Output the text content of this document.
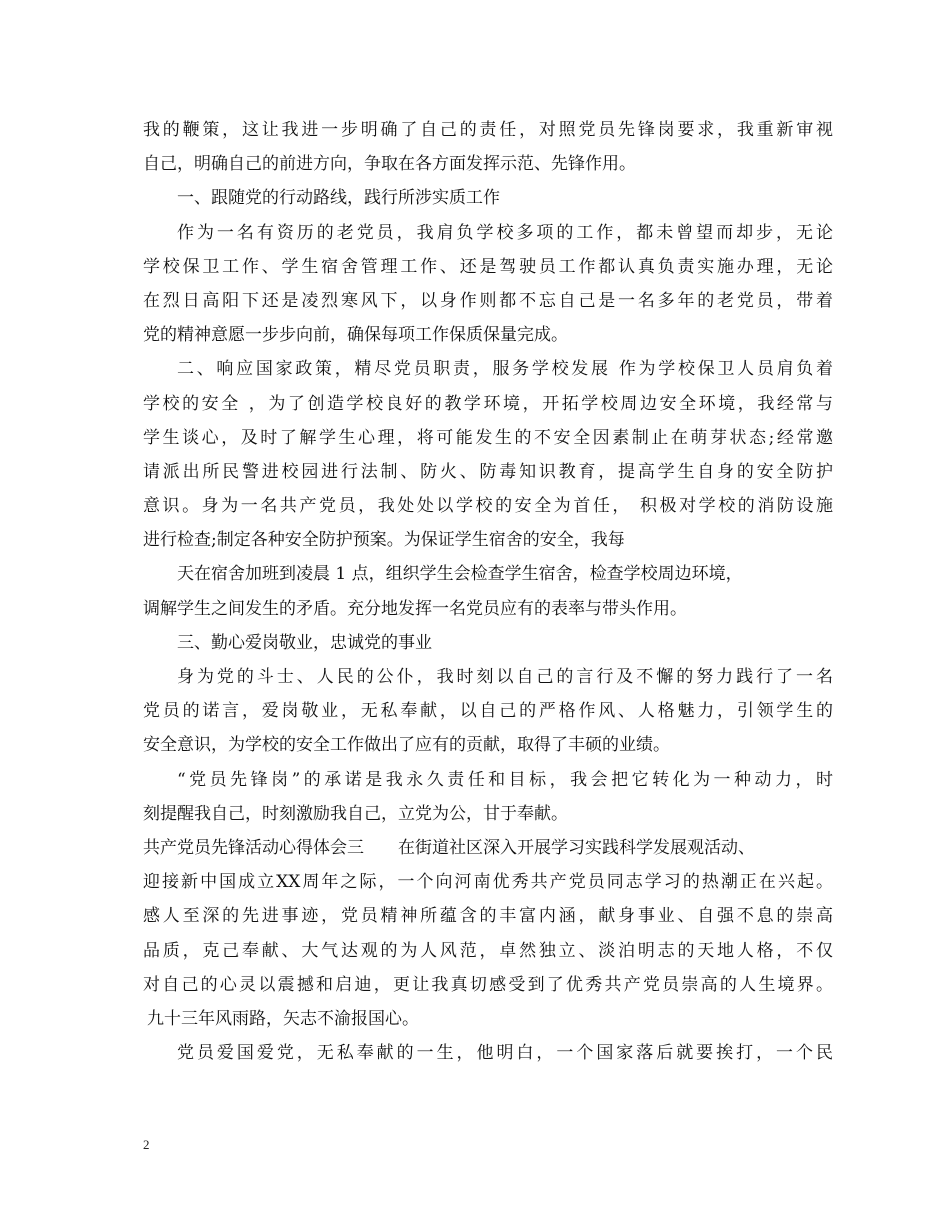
我的鞭策，这让我进一步明确了自己的责任，对照党员先锋岗要求，我重新审视
自己，明确自己的前进方向，争取在各方面发挥示范、先锋作用。
一、跟随党的行动路线，践行所涉实质工作
作为一名有资历的老党员，我肩负学校多项的工作，都未曾望而却步，无论
学校保卫工作、学生宿舍管理工作、还是驾驶员工作都认真负责实施办理，无论
在烈日高阳下还是凌烈寒风下，以身作则都不忘自己是一名多年的老党员，带着
党的精神意愿一步步向前，确保每项工作保质保量完成。
二、响应国家政策，精尽党员职责，服务学校发展 作为学校保卫人员肩负着
学校的安全 ，为了创造学校良好的教学环境，开拓学校周边安全环境，我经常与
学生谈心，及时了解学生心理，将可能发生的不安全因素制止在萌芽状态;经常邀
请派出所民警进校园进行法制、防火、防毒知识教育，提高学生自身的安全防护
意识。身为一名共产党员，我处处以学校的安全为首任， 积极对学校的消防设施
进行检查;制定各种安全防护预案。为保证学生宿舍的安全，我每
天在宿舍加班到凌晨 1 点，组织学生会检查学生宿舍，检查学校周边环境，
调解学生之间发生的矛盾。充分地发挥一名党员应有的表率与带头作用。
三、勤心爱岗敬业，忠诚党的事业
身为党的斗士、人民的公仆，我时刻以自己的言行及不懈的努力践行了一名
党员的诺言，爱岗敬业，无私奉献，以自己的严格作风、人格魅力，引领学生的
安全意识，为学校的安全工作做出了应有的贡献，取得了丰硕的业绩。
“党员先锋岗”的承诺是我永久责任和目标，我会把它转化为一种动力，时
刻提醒我自己，时刻激励我自己，立党为公，甘于奉献。
共产党员先锋活动心得体会三 在街道社区深入开展学习实践科学发展观活动、
迎接新中国成立XX周年之际，一个向河南优秀共产党员同志学习的热潮正在兴起。
感人至深的先进事迹，党员精神所蕴含的丰富内涵，献身事业、自强不息的崇高
品质，克己奉献、大气达观的为人风范，卓然独立、淡泊明志的天地人格，不仅
对自己的心灵以震撼和启迪，更让我真切感受到了优秀共产党员崇高的人生境界。
九十三年风雨路，矢志不渝报国心。
党员爱国爱党，无私奉献的一生，他明白，一个国家落后就要挨打，一个民
2
